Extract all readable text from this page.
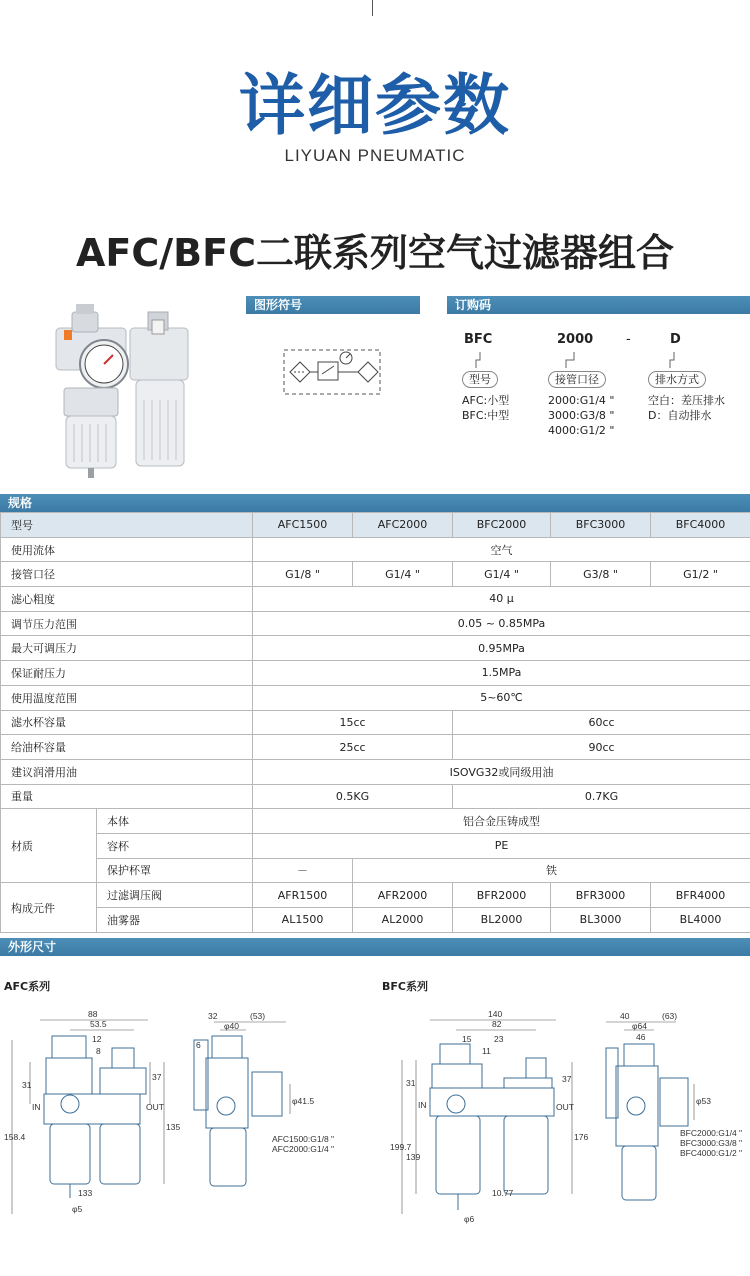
详细参数
LIYUAN PNEUMATIC
AFC/BFC二联系列空气过滤器组合
图形符号	订购码
BFC	2000	-	D
型号
AFC:小型
BFC:中型
接管口径
2000:G1/4 "
3000:G3/8 "
4000:G1/2 "
排水方式
空白：差压排水
D：自动排水
规格
型号		AFC1500	AFC2000	BFC2000	BFC3000	BFC4000
使用流体		空气				
接管口径		G1/8 "	G1/4 "	G1/4 "	G3/8 "	G1/2 "
滤心粗度		40 μ				
调节压力范围		0.05 ~ 0.85MPa				
最大可调压力		0.95MPa				
保证耐压力		1.5MPa				
使用温度范围		5~60℃				
滤水杯容量		15cc		60cc		
给油杯容量		25cc		90cc		
建议润滑用油		ISOVG32或同级用油				
重量		0.5KG		0.7KG		
材质	本体	铝合金压铸成型				
	容杯	PE				
	保护杯罩	－	铁			
构成元件	过滤调压阀	AFR1500	AFR2000	BFR2000	BFR3000	BFR4000
	油雾器	AL1500	AL2000	BL2000	BL3000	BL4000
外形尺寸
AFC系列	BFC系列
88
53.5
12
8
31
158.4
37
135
133
φ5
32
φ40
(53)
6
φ41.5
IN	OUT
AFC1500:G1/8 "
AFC2000:G1/4 "
140
82
15	23
11
31	37
199.7
139
176
10.77
φ6
40	(63)
φ64
46
φ53
IN	OUT
BFC2000:G1/4 "
BFC3000:G3/8 "
BFC4000:G1/2 "
